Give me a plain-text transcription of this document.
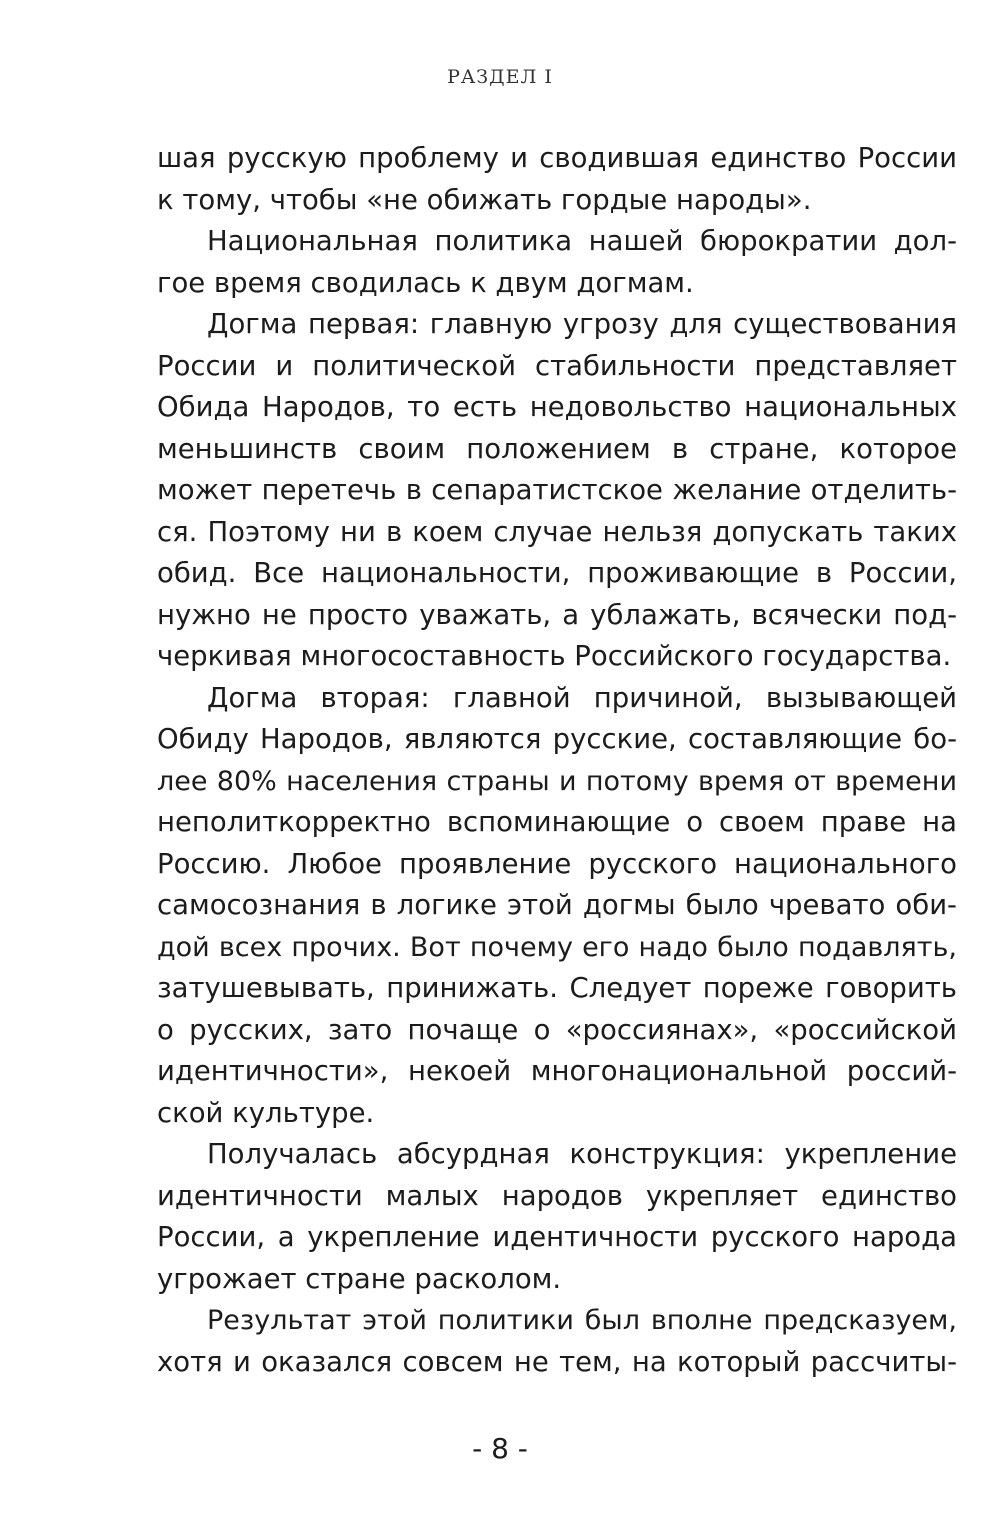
РАЗДЕЛ I
шая русскую проблему и сводившая единство России
к тому, чтобы «не обижать гордые народы».
Национальная политика нашей бюрократии дол-
гое время сводилась к двум догмам.
Догма первая: главную угрозу для существования
России и политической стабильности представляет
Обида Народов, то есть недовольство национальных
меньшинств своим положением в стране, которое
может перетечь в сепаратистское желание отделить-
ся. Поэтому ни в коем случае нельзя допускать таких
обид. Все национальности, проживающие в России,
нужно не просто уважать, а ублажать, всячески под-
черкивая многосоставность Российского государства.
Догма вторая: главной причиной, вызывающей
Обиду Народов, являются русские, составляющие бо-
лее 80% населения страны и потому время от времени
неполиткорректно вспоминающие о своем праве на
Россию. Любое проявление русского национального
самосознания в логике этой догмы было чревато оби-
дой всех прочих. Вот почему его надо было подавлять,
затушевывать, принижать. Следует пореже говорить
о русских, зато почаще о «россиянах», «российской
идентичности», некоей многонациональной россий-
ской культуре.
Получалась абсурдная конструкция: укрепление
идентичности малых народов укрепляет единство
России, а укрепление идентичности русского народа
угрожает стране расколом.
Результат этой политики был вполне предсказуем,
хотя и оказался совсем не тем, на который рассчиты-
- 8 -
